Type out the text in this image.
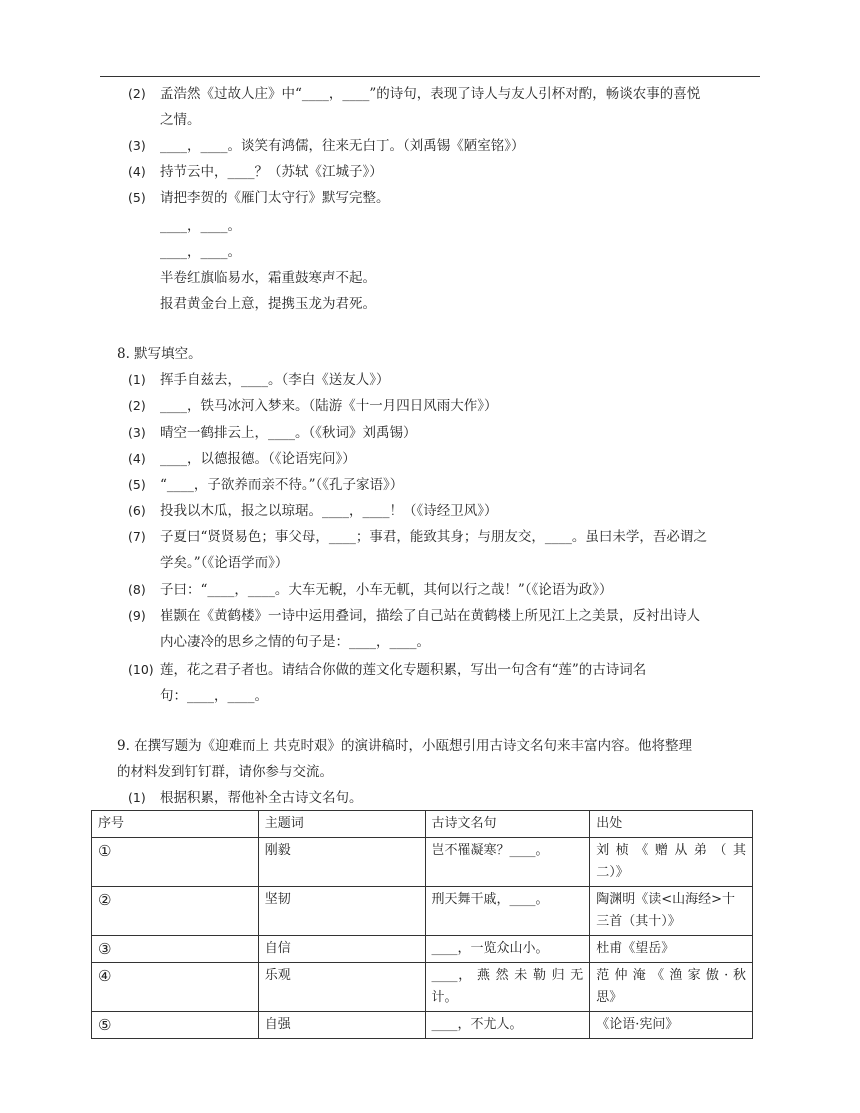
(2)	孟浩然《过故人庄》中“____，____”的诗句，表现了诗人与友人引杯对酌，畅谈农事的喜悦
之情。
(3)	____，____。谈笑有鸿儒，往来无白丁。（刘禹锡《陋室铭》）
(4)	持节云中，____？（苏轼《江城子》）
(5)	请把李贺的《雁门太守行》默写完整。
____，____。
____，____。
半卷红旗临易水，霜重鼓寒声不起。
报君黄金台上意，提携玉龙为君死。
8. 默写填空。
(1)	挥手自兹去，____。（李白《送友人》）
(2)	____，铁马冰河入梦来。（陆游《十一月四日风雨大作》）
(3)	晴空一鹤排云上，____。（《秋词》刘禹锡）
(4)	____，以德报德。（《论语宪问》）
(5)	“____，子欲养而亲不待。”（《孔子家语》）
(6)	投我以木瓜，报之以琼琚。____，____！（《诗经卫风》）
(7)	子夏曰“贤贤易色；事父母，____；事君，能致其身；与朋友交，____。虽曰未学，吾必谓之
学矣。”（《论语学而》）
(8)	子曰：“____，____。大车无輗，小车无軏，其何以行之哉！”（《论语为政》）
(9)	崔颢在《黄鹤楼》一诗中运用叠词，描绘了自己站在黄鹤楼上所见江上之美景，反衬出诗人
内心凄冷的思乡之情的句子是：____，____。
(10) 莲，花之君子者也。请结合你做的莲文化专题积累，写出一句含有“莲”的古诗词名
句：____，____。
9. 在撰写题为《迎难而上 共克时艰》的演讲稿时，小瓯想引用古诗文名句来丰富内容。他将整理
的材料发到钉钉群，请你参与交流。
(1)	根据积累，帮他补全古诗文名句。
序号	主题词	古诗文名句	出处
①	刚毅	岂不罹凝寒？____。	刘 桢 《 赠 从 弟 （ 其 二）》
②	坚韧	刑天舞干戚，____。	陶渊明《读<山海经>十三首（其十）》
③	自信	____，一览众山小。	杜甫《望岳》
④	乐观	____， 燕 然 未 勒 归 无 计。	范 仲 淹 《 渔 家 傲 · 秋 思》
⑤	自强	____，不尤人。	《论语·宪问》
